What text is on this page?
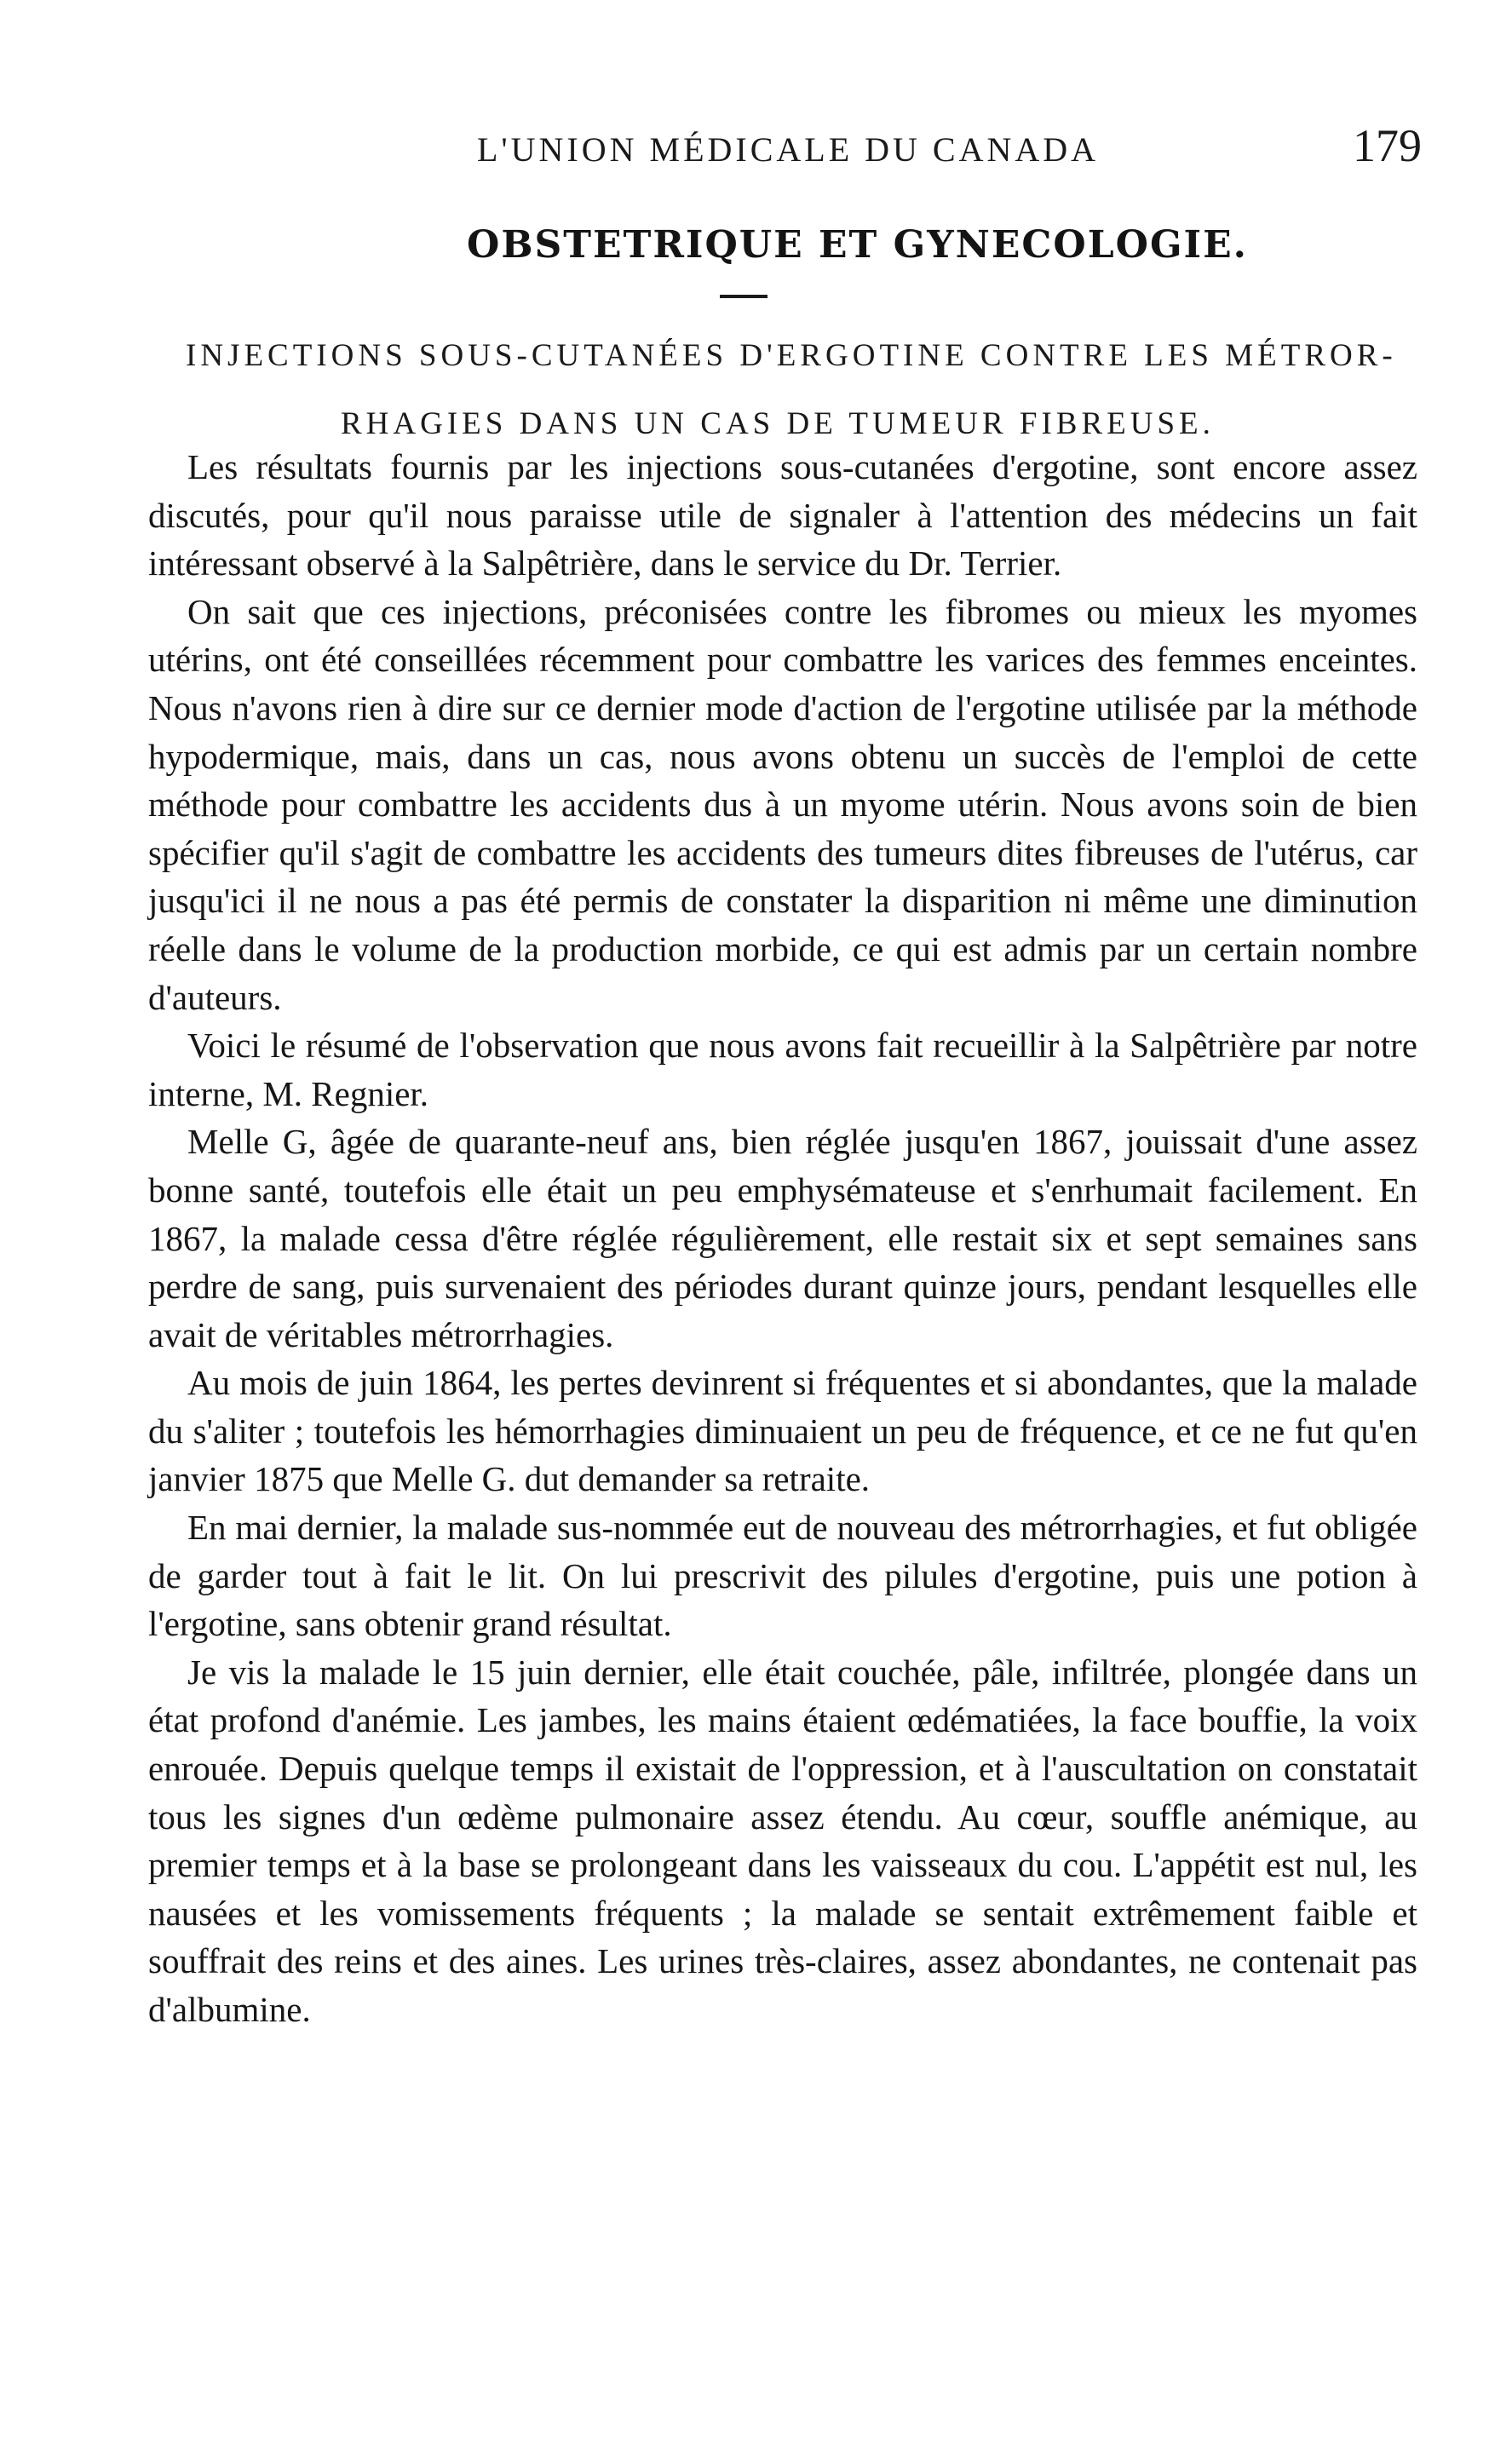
L'UNION MÉDICALE DU CANADA	179
OBSTETRIQUE ET GYNECOLOGIE.
INJECTIONS SOUS-CUTANÉES D'ERGOTINE CONTRE LES MÉTROR-
RHAGIES DANS UN CAS DE TUMEUR FIBREUSE.

Les résultats fournis par les injections sous-cutanées d'ergotine, sont encore assez discutés, pour qu'il nous paraisse utile de signaler à l'attention des médecins un fait intéressant observé à la Salpêtrière, dans le service du Dr. Terrier.

On sait que ces injections, préconisées contre les fibromes ou mieux les myomes utérins, ont été conseillées récemment pour combattre les varices des femmes enceintes. Nous n'avons rien à dire sur ce dernier mode d'action de l'ergotine utilisée par la méthode hypodermique, mais, dans un cas, nous avons obtenu un succès de l'emploi de cette méthode pour combattre les accidents dus à un myome utérin. Nous avons soin de bien spécifier qu'il s'agit de combattre les accidents des tumeurs dites fibreuses de l'utérus, car jusqu'ici il ne nous a pas été permis de constater la disparition ni même une diminution réelle dans le volume de la production morbide, ce qui est admis par un certain nombre d'auteurs.

Voici le résumé de l'observation que nous avons fait recueillir à la Salpêtrière par notre interne, M. Regnier.

Melle G, âgée de quarante-neuf ans, bien réglée jusqu'en 1867, jouissait d'une assez bonne santé, toutefois elle était un peu emphysémateuse et s'enrhumait facilement. En 1867, la malade cessa d'être réglée régulièrement, elle restait six et sept semaines sans perdre de sang, puis survenaient des périodes durant quinze jours, pendant lesquelles elle avait de véritables métrorrhagies.

Au mois de juin 1864, les pertes devinrent si fréquentes et si abondantes, que la malade du s'aliter ; toutefois les hémorrhagies diminuaient un peu de fréquence, et ce ne fut qu'en janvier 1875 que Melle G. dut demander sa retraite.

En mai dernier, la malade sus-nommée eut de nouveau des métrorrhagies, et fut obligée de garder tout à fait le lit. On lui prescrivit des pilules d'ergotine, puis une potion à l'ergotine, sans obtenir grand résultat.

Je vis la malade le 15 juin dernier, elle était couchée, pâle, infiltrée, plongée dans un état profond d'anémie. Les jambes, les mains étaient œdématiées, la face bouffie, la voix enrouée. Depuis quelque temps il existait de l'oppression, et à l'auscultation on constatait tous les signes d'un œdème pulmonaire assez étendu. Au cœur, souffle anémique, au premier temps et à la base se prolongeant dans les vaisseaux du cou. L'appétit est nul, les nausées et les vomissements fréquents ; la malade se sentait extrêmement faible et souffrait des reins et des aines. Les urines très-claires, assez abondantes, ne contenait pas d'albumine.
